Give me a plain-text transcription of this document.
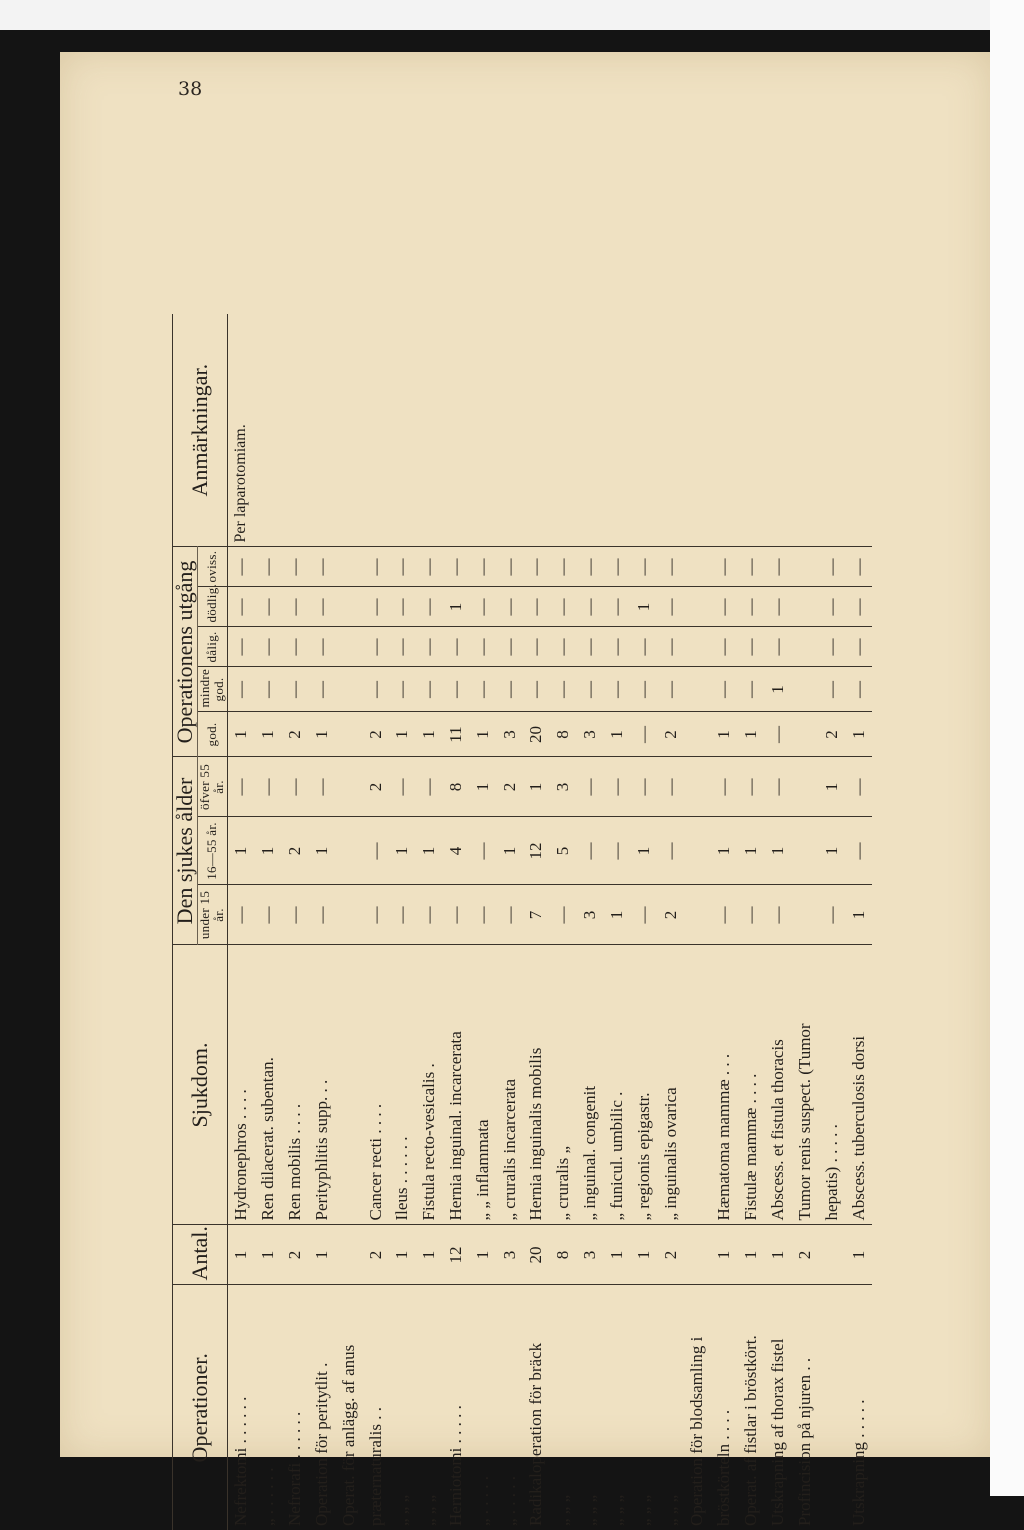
38
Operationer.	Antal.	Sjukdom.	Den sjukes ålder			Operationens utgång					Anmärkningar.
			under 15 år.	16—55 år.	öfver 55 år.	god.	mindre god.	dålig.	dödlig.	oviss.	
Nefrektomi . . . . . .	1	Hydronephros . . . .	—	1	—	1	—	—	—	—	Per laparotomiam.
„ . . . . . .	1	Ren dilacerat. subentan.	—	1	—	1	—	—	—	—	
Nefrorafi . . . . . .	2	Ren mobilis . . . .	—	2	—	2	—	—	—	—	
Operation för peritytlit .	1	Perityphlitis supp. . .	—	1	—	1	—	—	—	—	
Operat. för anlägg. af anus											
præternaturalis . .	2	Cancer recti . . . .	—	—	2	2	—	—	—	—	
„ „ „	1	Ileus . . . . . .	—	1	—	1	—	—	—	—	
„ „ „	1	Fistula recto-vesicalis .	—	1	—	1	—	—	—	—	
Herniotomi . . . . .	12	Hernia inguinal. incarcerata	—	4	8	11	—	—	1	—	
„ . . . . .	1	„ „ inflammata	—	—	1	1	—	—	—	—	
„ . . . . .	3	„ cruralis incarcerata	—	1	2	3	—	—	—	—	
Radikaloperation för bräck	20	Hernia inguinalis mobilis	7	12	1	20	—	—	—	—	
„ „ „	8	„ cruralis „	—	5	3	8	—	—	—	—	
„ „ „	3	„ inguinal. congenit	3	—	—	3	—	—	—	—	
„ „ „	1	„ funicul. umbilic .	1	—	—	1	—	—	—	—	
„ „ „	1	„ regionis epigastr.	—	1	—	—	—	—	1	—	
„ „ „	2	„ inguinalis ovarica	2	—	—	2	—	—	—	—	
Operation för blodsamling i											
bröstkörteln . . . .	1	Hæmatoma mammæ . . .	—	1	—	1	—	—	—	—	
Operat. af fistlar i bröstkört.	1	Fistulæ mammæ . . . .	—	1	—	1	—	—	—	—	
Utskrapning af thorax fistel	1	Abscess. et fistula thoracis	—	1	—	—	1	—	—	—	
Profincision på njuren . .	2	Tumor renis suspect. (Tumor									
		hepatis) . . . . .	—	1	1	2	—	—	—	—	
Utskrapning . . . . .	1	Abscess. tuberculosis dorsi	1	—	—	1	—	—	—	—	
